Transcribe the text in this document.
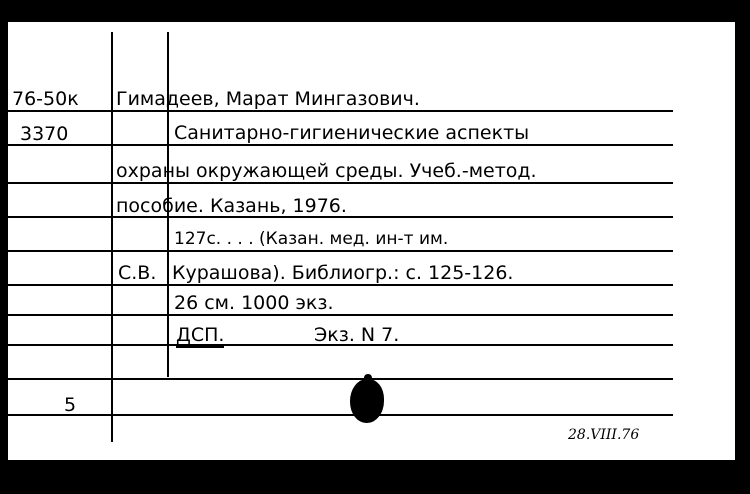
76-50к Гимадеев, Марат Мингазович.
3370	Санитарно-гигиенические аспекты
охраны окружающей среды. Учеб.-метод.
пособие. Казань, 1976.
127с. . . . (Казан. мед. ин-т им.
С.В. Курашова). Библиогр.: с. 125-126.
26 см. 1000 экз.
ДСП.	Экз. N 7.
5
28.VIII.76
